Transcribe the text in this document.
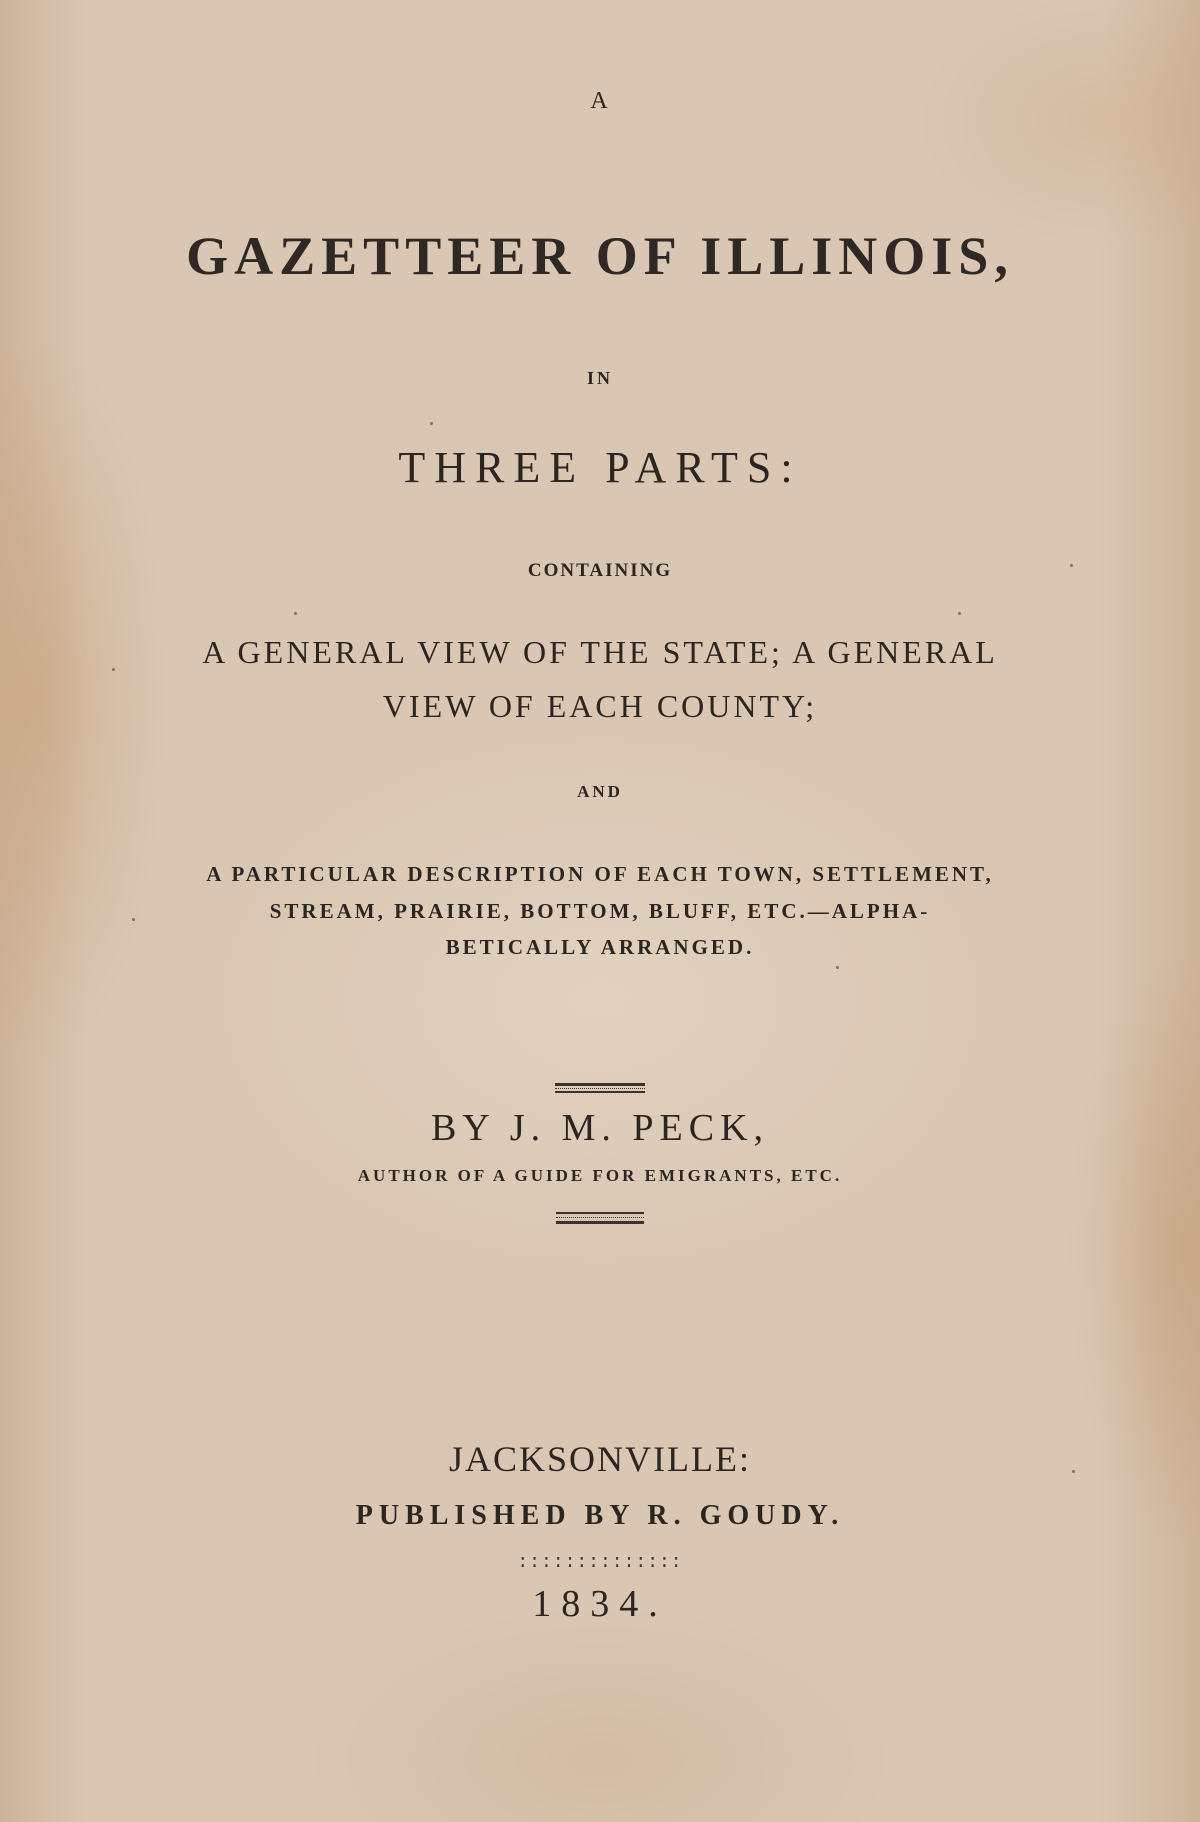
A
GAZETTEER OF ILLINOIS,
IN
THREE PARTS:
CONTAINING
A GENERAL VIEW OF THE STATE; A GENERAL
VIEW OF EACH COUNTY;
AND
A PARTICULAR DESCRIPTION OF EACH TOWN, SETTLEMENT,
STREAM, PRAIRIE, BOTTOM, BLUFF, ETC.—ALPHA-
BETICALLY ARRANGED.
BY J. M. PECK,
AUTHOR OF A GUIDE FOR EMIGRANTS, ETC.
JACKSONVILLE:
PUBLISHED BY R. GOUDY.
::::::::::::::
1834.
